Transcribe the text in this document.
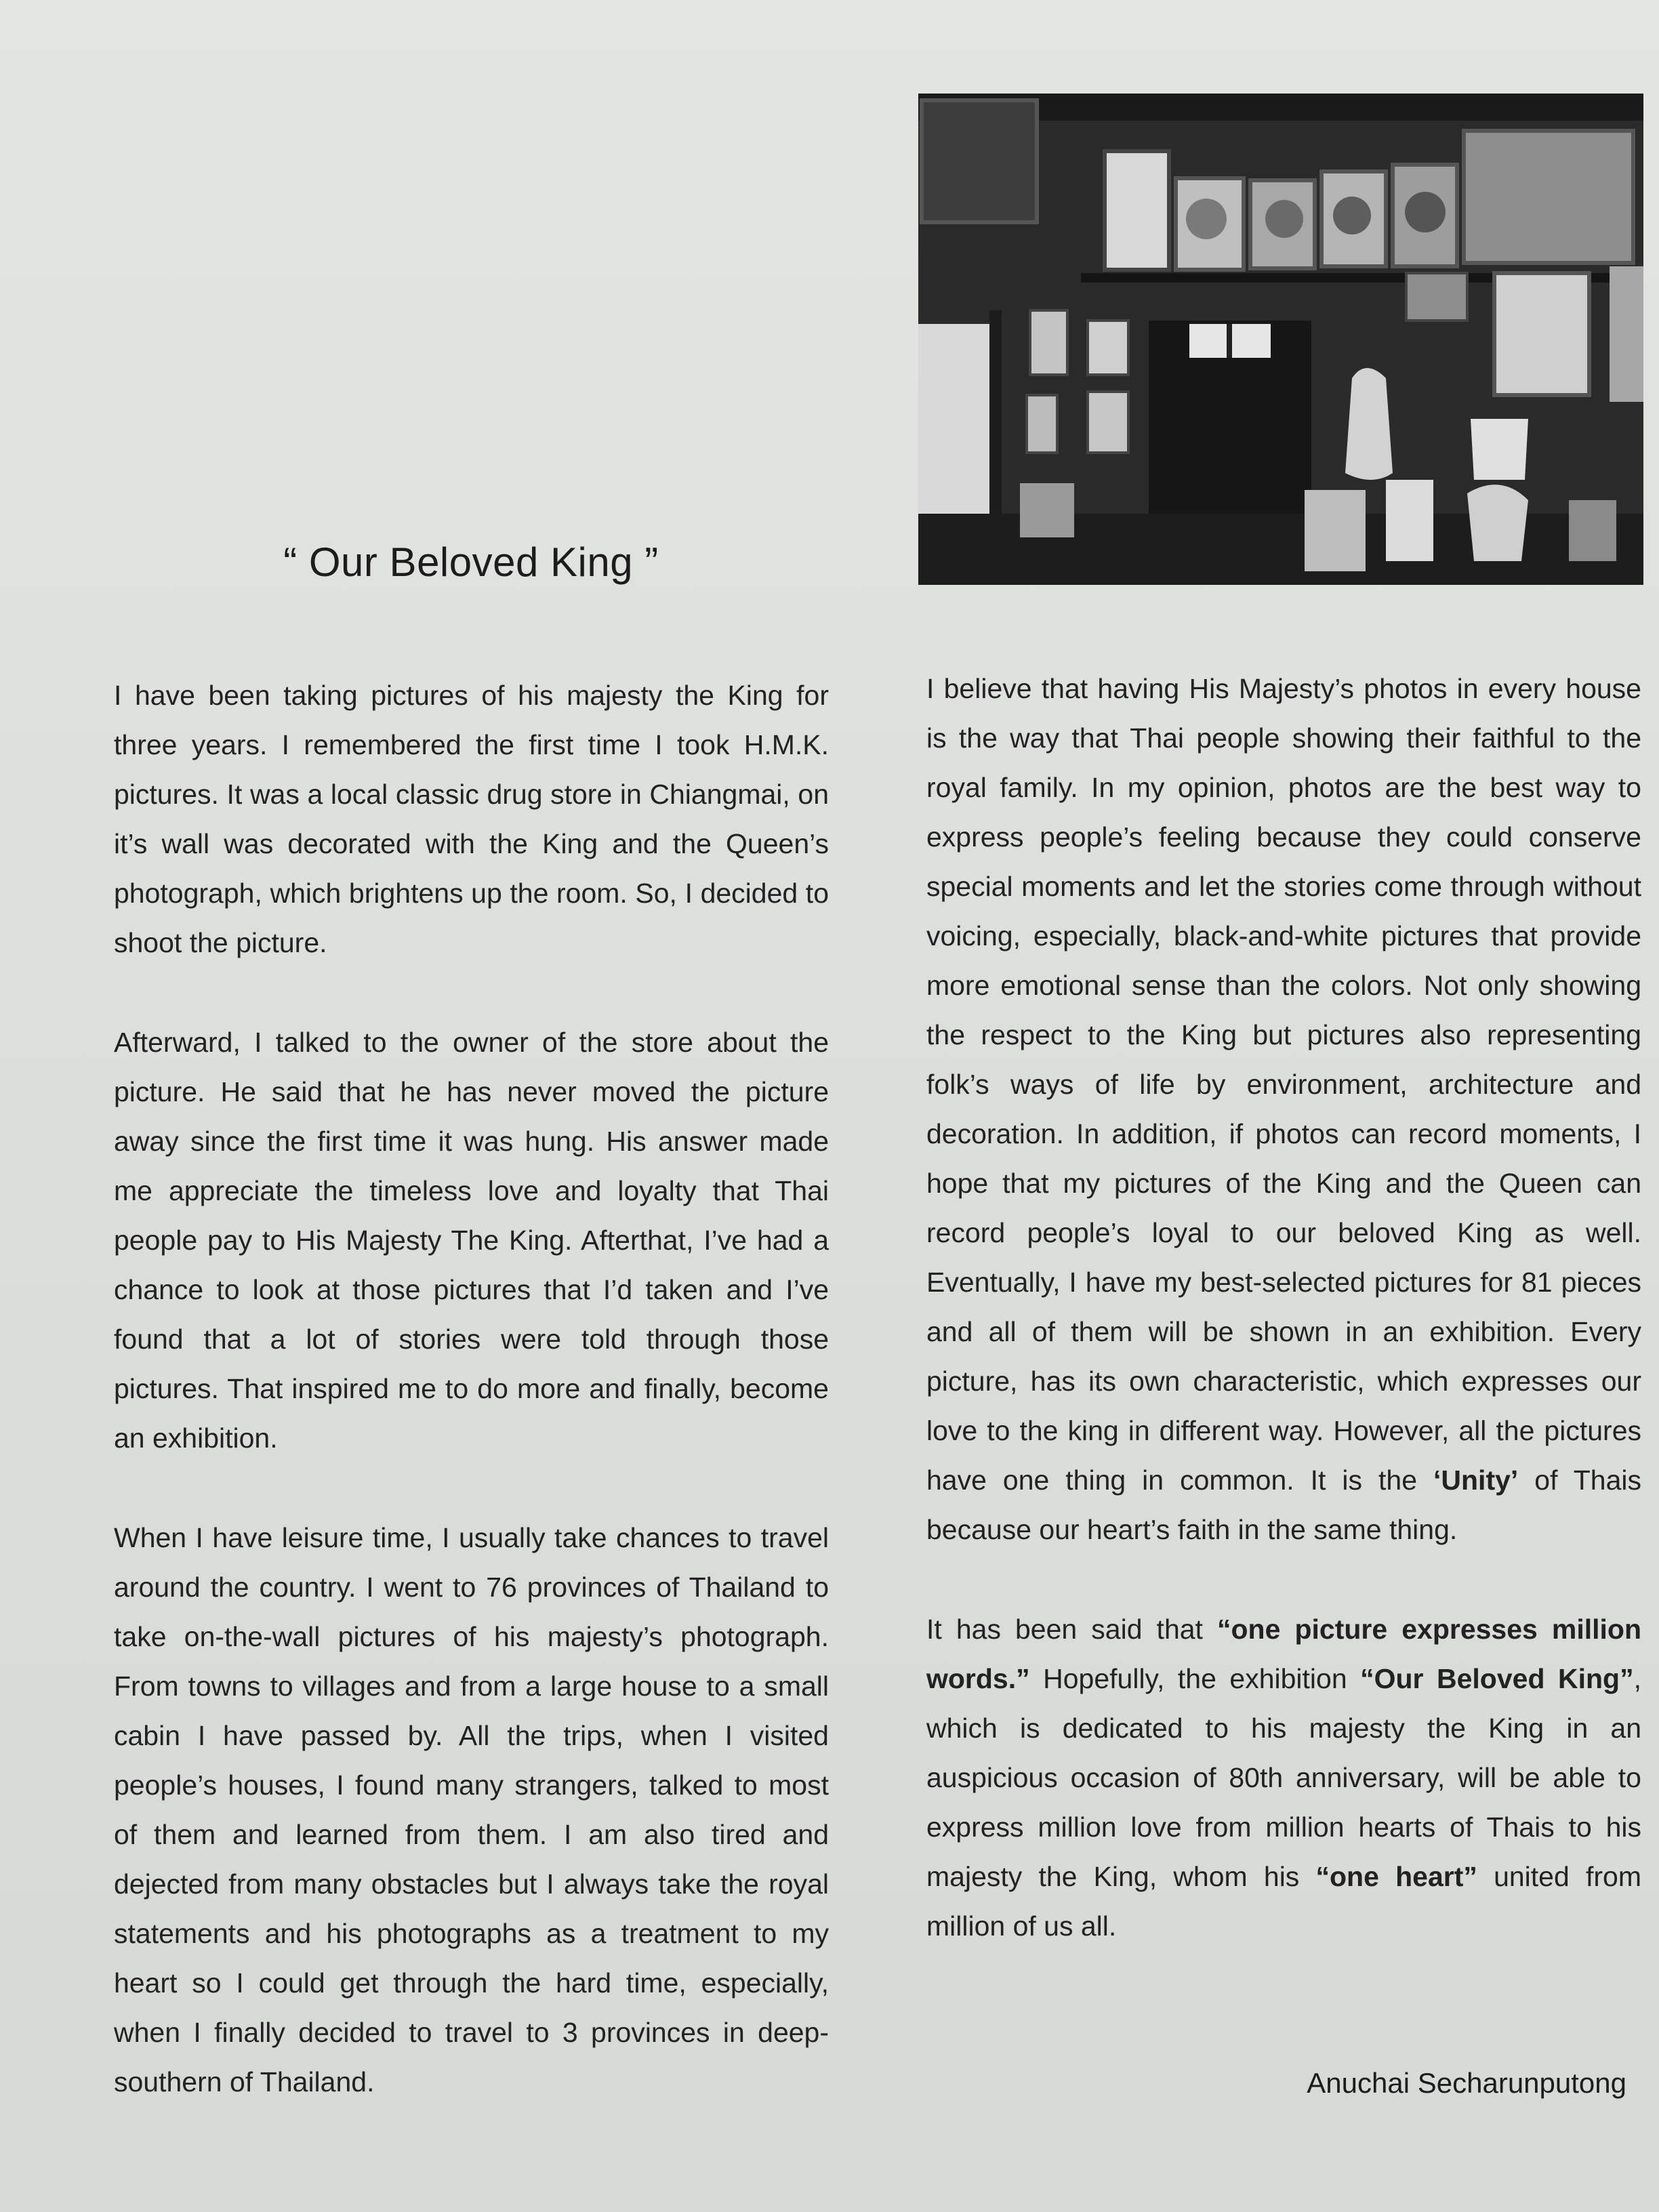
“ Our Beloved King ”

I have been taking pictures of his majesty the King for three years. I remembered the first time I took H.M.K. pictures. It was a local classic drug store in Chiangmai, on it’s wall was decorated with the King and the Queen’s photograph, which brightens up the room. So, I decided to shoot the picture.

Afterward, I talked to the owner of the store about the picture. He said that he has never moved the picture away since the first time it was hung. His answer made me appreciate the timeless love and loyalty that Thai people pay to His Majesty The King. Afterthat, I’ve had a chance to look at those pictures that I’d taken and I’ve found that a lot of stories were told through those pictures. That inspired me to do more and finally, become an exhibition.

When I have leisure time, I usually take chances to travel around the country. I went to 76 provinces of Thailand to take on-the-wall pictures of his majesty’s photograph. From towns to villages and from a large house to a small cabin I have passed by. All the trips, when I visited people’s houses, I found many strangers, talked to most of them and learned from them. I am also tired and dejected from many obstacles but I always take the royal statements and his photographs as a treatment to my heart so I could get through the hard time, especially, when I finally decided to travel to 3 provinces in deep-southern of Thailand.

I believe that having His Majesty’s photos in every house is the way that Thai people showing their faithful to the royal family. In my opinion, photos are the best way to express people’s feeling because they could conserve special moments and let the stories come through without voicing, especially, black-and-white pictures that provide more emotional sense than the colors. Not only showing the respect to the King but pictures also representing folk’s ways of life by environment, architecture and decoration. In addition, if photos can record moments, I hope that my pictures of the King and the Queen can record people’s loyal to our beloved King as well. Eventually, I have my best-selected pictures for 81 pieces and all of them will be shown in an exhibition. Every picture, has its own characteristic, which expresses our love to the king in different way. However, all the pictures have one thing in common. It is the ‘Unity’ of Thais because our heart’s faith in the same thing.

It has been said that “one picture expresses million words.” Hopefully, the exhibition “Our Beloved King”, which is dedicated to his majesty the King in an auspicious occasion of 80th anniversary, will be able to express million love from million hearts of Thais to his majesty the King, whom his “one heart” united from million of us all.

Anuchai Secharunputong
